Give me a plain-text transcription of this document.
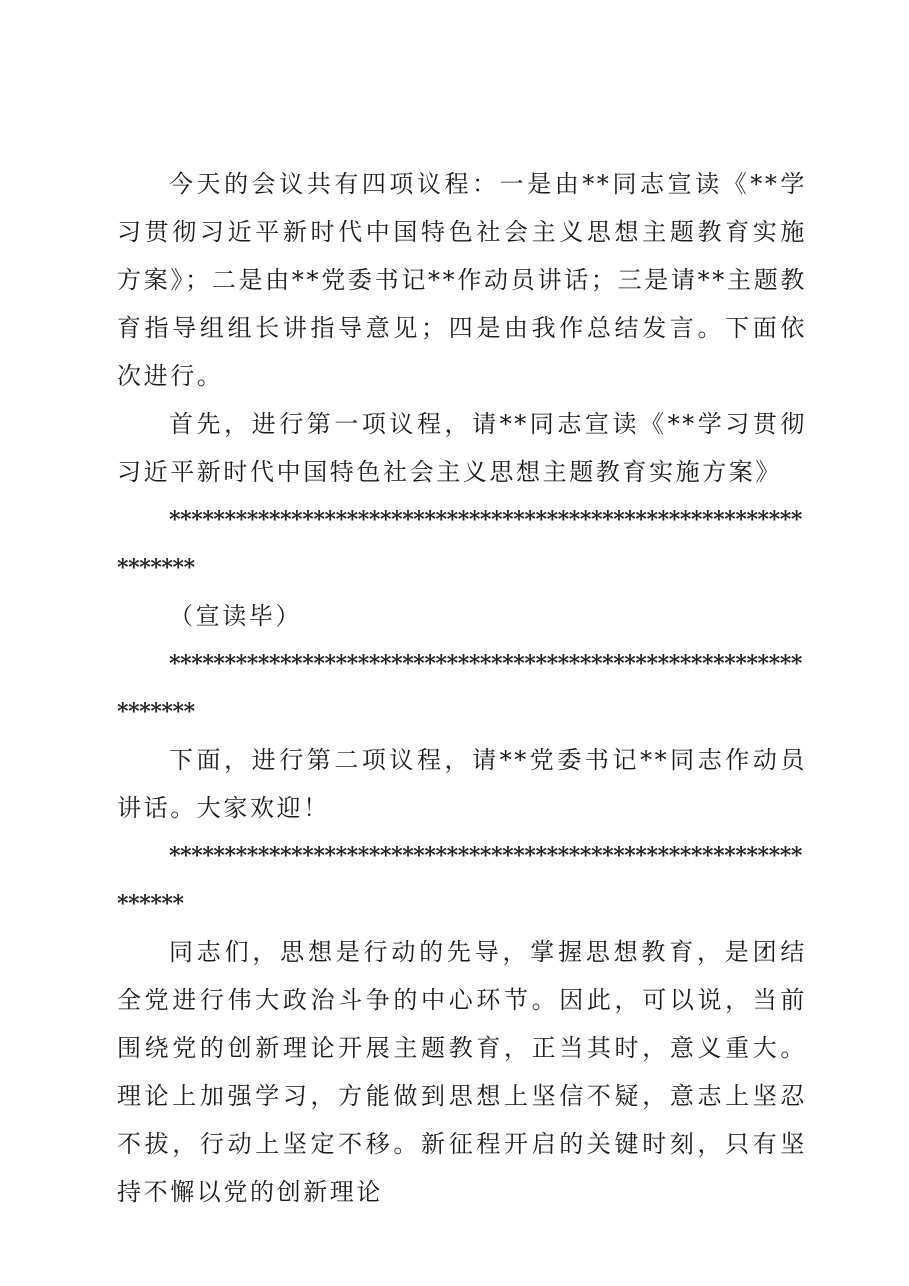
今天的会议共有四项议程：一是由**同志宣读《**学习贯彻习近平新时代中国特色社会主义思想主题教育实施方案》；二是由**党委书记**作动员讲话；三是请**主题教育指导组组长讲指导意见；四是由我作总结发言。下面依次进行。

首先，进行第一项议程，请**同志宣读《**学习贯彻习近平新时代中国特色社会主义思想主题教育实施方案》

****************************************************************

（宣读毕）

****************************************************************

下面，进行第二项议程，请**党委书记**同志作动员讲话。大家欢迎！

***************************************************************

同志们，思想是行动的先导，掌握思想教育，是团结全党进行伟大政治斗争的中心环节。因此，可以说，当前围绕党的创新理论开展主题教育，正当其时，意义重大。理论上加强学习，方能做到思想上坚信不疑，意志上坚忍不拔，行动上坚定不移。新征程开启的关键时刻，只有坚持不懈以党的创新理论
